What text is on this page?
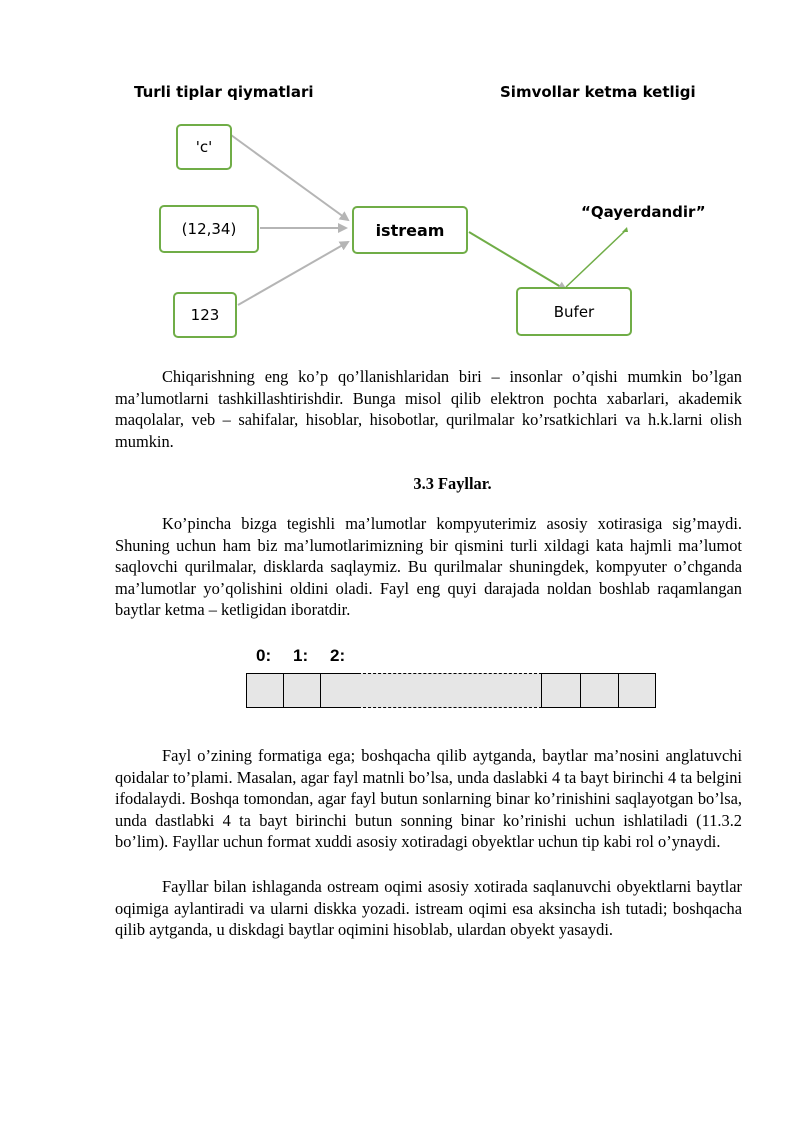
Turli tiplar qiymatlari	Simvollar ketma ketligi
'c'
(12,34)
123
istream
Bufer
“Qayerdandir”

Chiqarishning eng ko’p qo’llanishlaridan biri – insonlar o’qishi mumkin bo’lgan ma’lumotlarni tashkillashtirishdir. Bunga misol qilib elektron pochta xabarlari, akademik maqolalar, veb – sahifalar, hisoblar, hisobotlar, qurilmalar ko’rsatkichlari va h.k.larni olish mumkin.

3.3 Fayllar.

Ko’pincha bizga tegishli ma’lumotlar kompyuterimiz asosiy xotirasiga sig’maydi. Shuning uchun ham biz ma’lumotlarimizning bir qismini turli xildagi kata hajmli ma’lumot saqlovchi qurilmalar, disklarda saqlaymiz. Bu qurilmalar shuningdek, kompyuter o’chganda ma’lumotlar yo’qolishini oldini oladi. Fayl eng quyi darajada noldan boshlab raqamlangan baytlar ketma – ketligidan iboratdir.

0: 1: 2:

Fayl o’zining formatiga ega; boshqacha qilib aytganda, baytlar ma’nosini anglatuvchi qoidalar to’plami. Masalan, agar fayl matnli bo’lsa, unda daslabki 4 ta bayt birinchi 4 ta belgini ifodalaydi. Boshqa tomondan, agar fayl butun sonlarning binar ko’rinishini saqlayotgan bo’lsa, unda dastlabki 4 ta bayt birinchi butun sonning binar ko’rinishi uchun ishlatiladi (11.3.2 bo’lim). Fayllar uchun format xuddi asosiy xotiradagi obyektlar uchun tip kabi rol o’ynaydi.

Fayllar bilan ishlaganda ostream oqimi asosiy xotirada saqlanuvchi obyektlarni baytlar oqimiga aylantiradi va ularni diskka yozadi. istream oqimi esa aksincha ish tutadi; boshqacha qilib aytganda, u diskdagi baytlar oqimini hisoblab, ulardan obyekt yasaydi.
